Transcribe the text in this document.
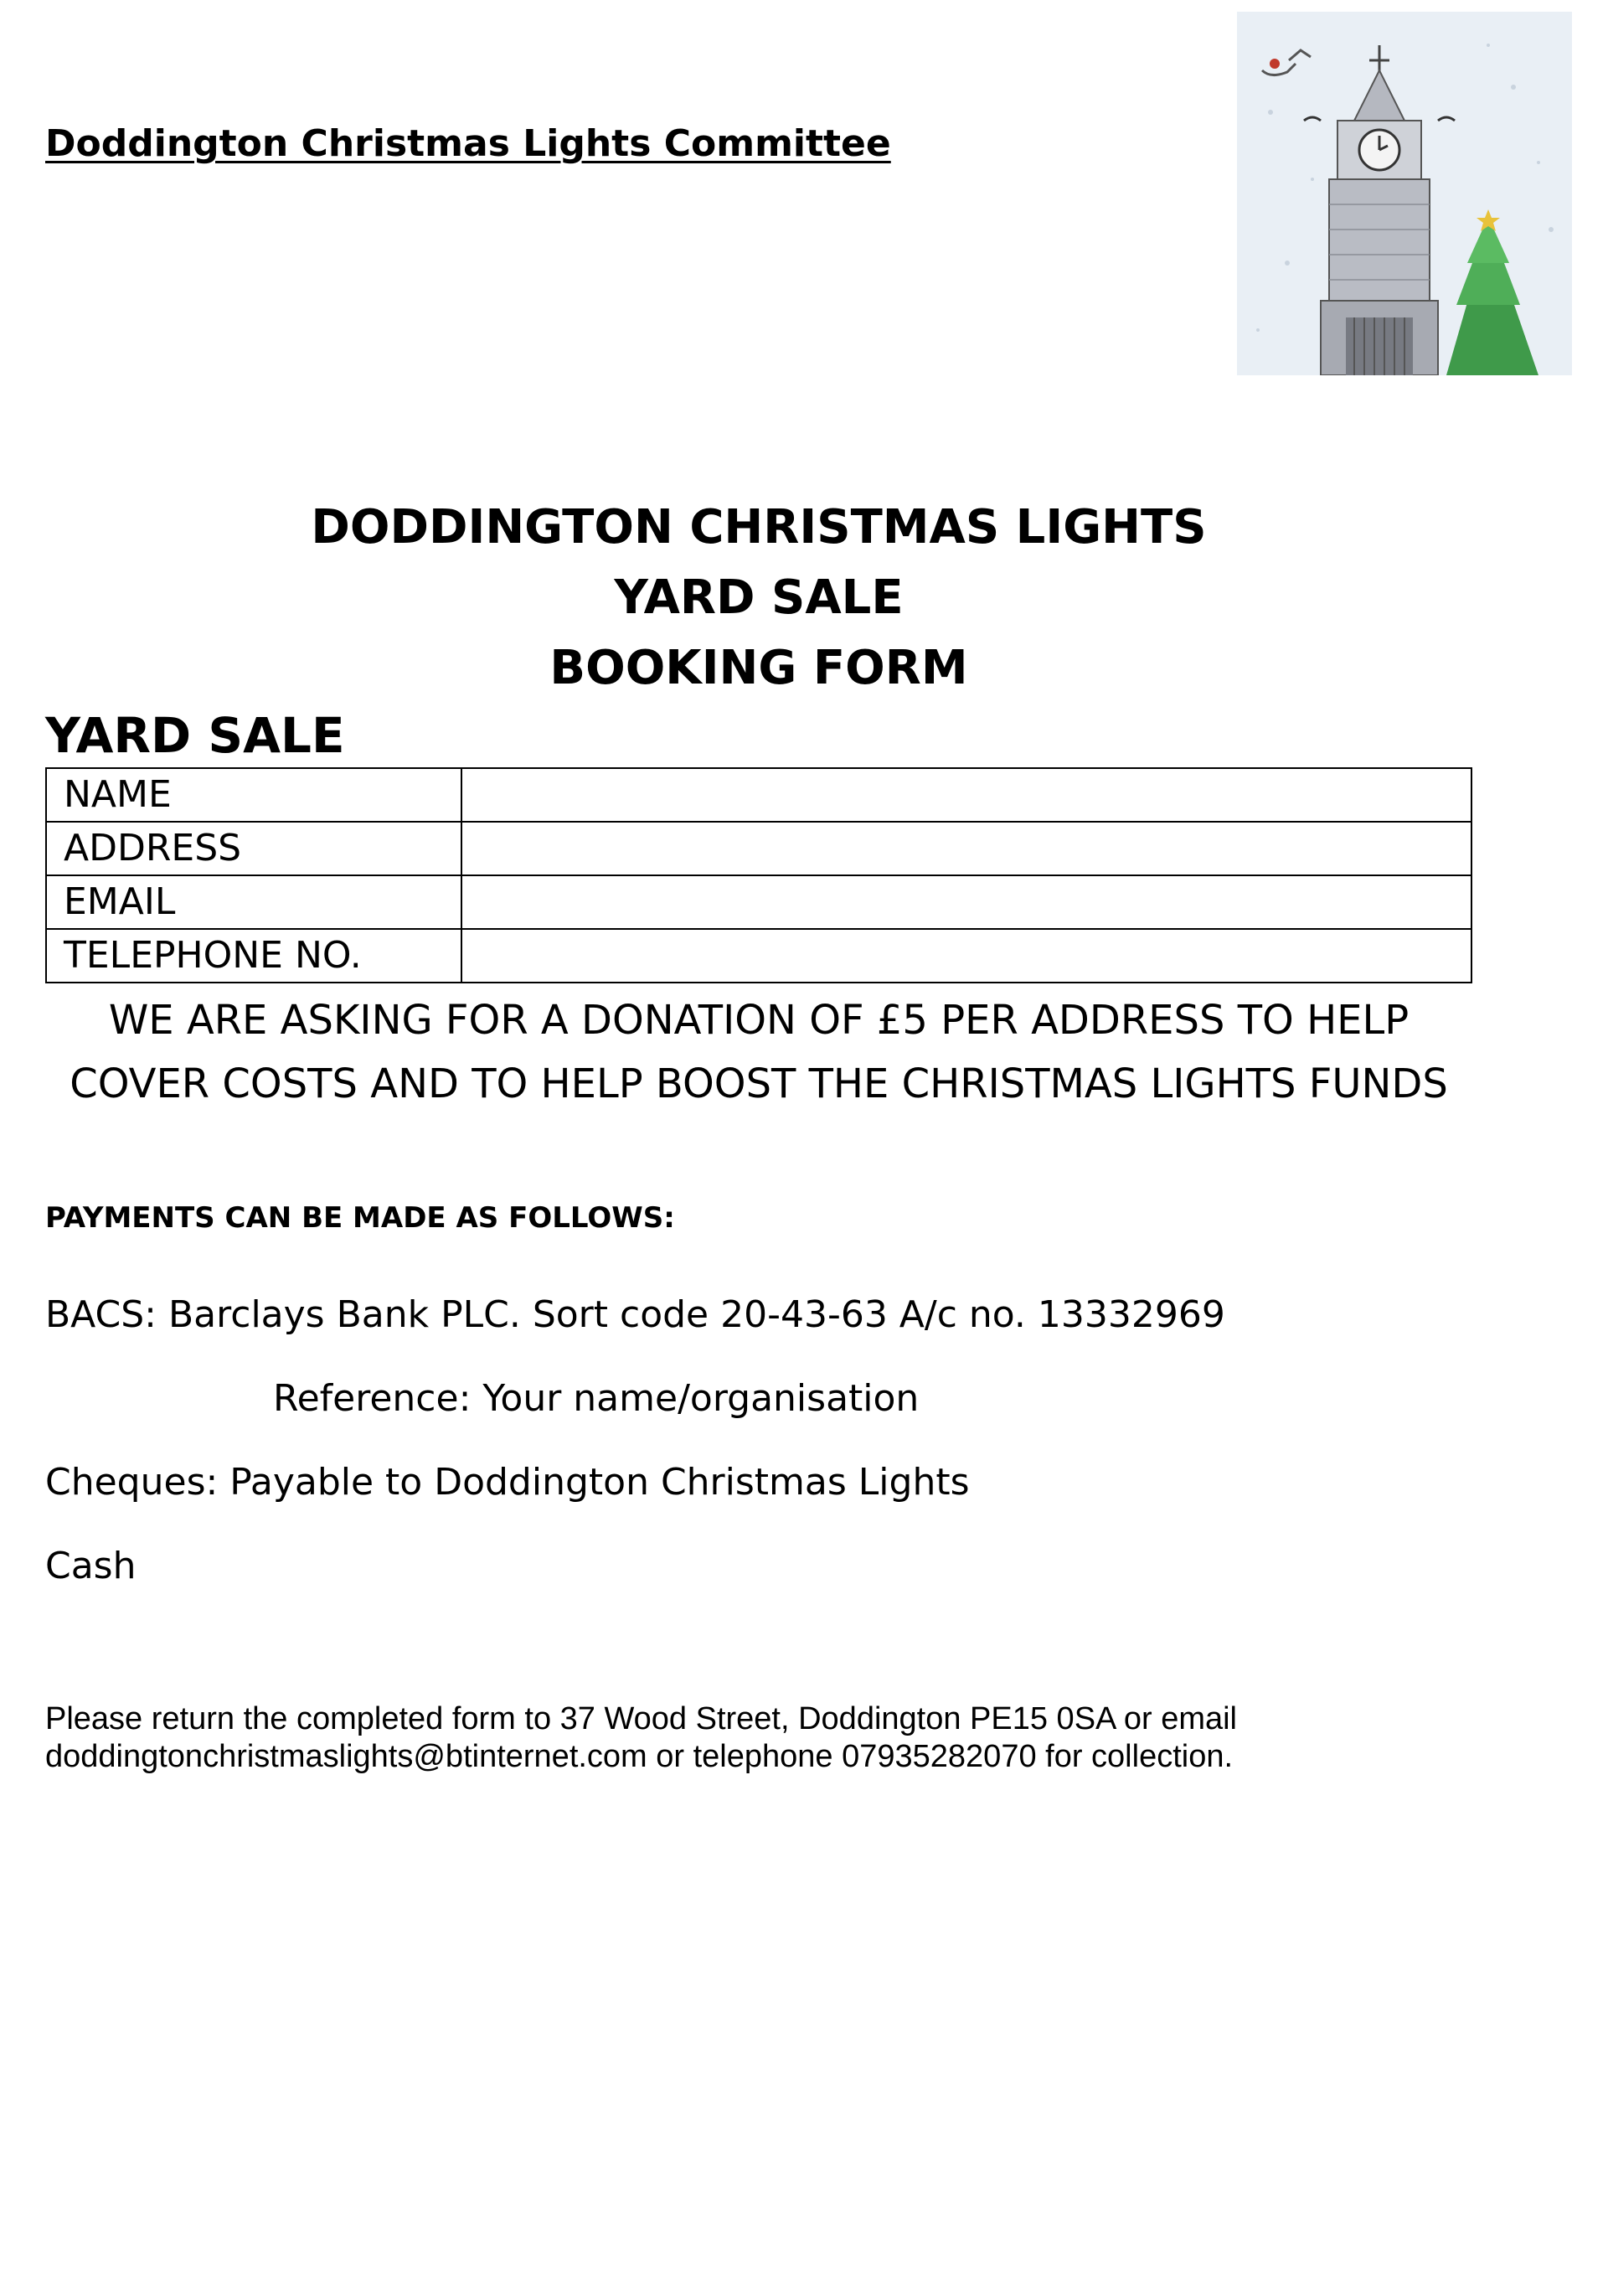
Doddington Christmas Lights Committee
DODDINGTON CHRISTMAS LIGHTS
YARD SALE
BOOKING FORM
YARD SALE
NAME	
ADDRESS	
EMAIL	
TELEPHONE NO.	
WE ARE ASKING FOR A DONATION OF £5 PER ADDRESS TO HELP
COVER COSTS AND TO HELP BOOST THE CHRISTMAS LIGHTS FUNDS
PAYMENTS CAN BE MADE AS FOLLOWS:
BACS: Barclays Bank PLC. Sort code 20-43-63 A/c no. 13332969
Reference: Your name/organisation
Cheques: Payable to Doddington Christmas Lights
Cash
Please return the completed form to 37 Wood Street, Doddington PE15 0SA or email
doddingtonchristmaslights@btinternet.com or telephone 07935282070 for collection.
